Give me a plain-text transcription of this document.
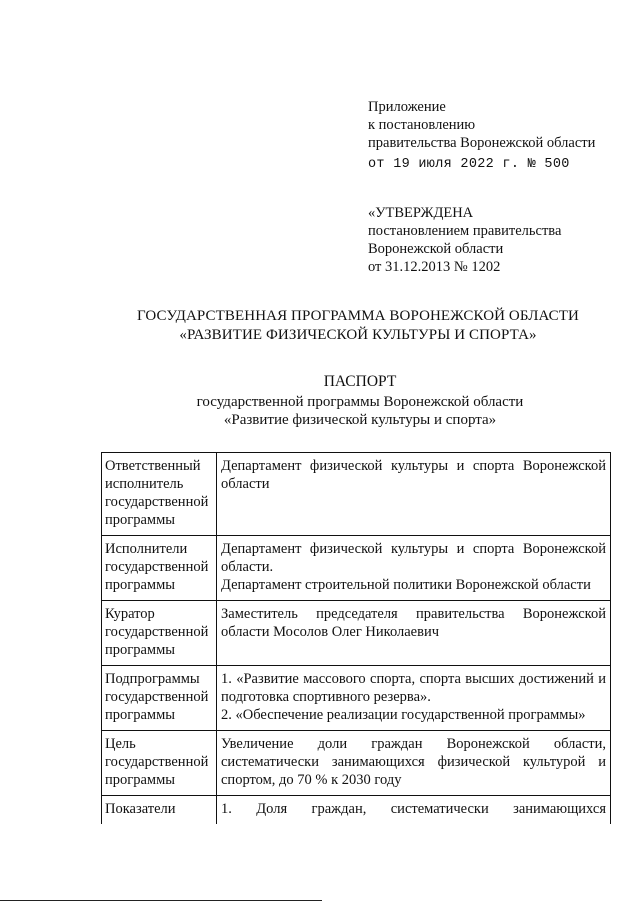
Приложение
к постановлению
правительства Воронежской области
от 19 июля 2022 г. № 500
«УТВЕРЖДЕНА
постановлением правительства
Воронежской области
от 31.12.2013 № 1202
ГОСУДАРСТВЕННАЯ ПРОГРАММА ВОРОНЕЖСКОЙ ОБЛАСТИ
«РАЗВИТИЕ ФИЗИЧЕСКОЙ КУЛЬТУРЫ И СПОРТА»
ПАСПОРТ
государственной программы Воронежской области
«Развитие физической культуры и спорта»
Ответственный исполнитель государственной программы	Департамент физической культуры и спорта Воронежской области

Исполнители государственной программы	Департамент физической культуры и спорта Воронежской области.
Департамент строительной политики Воронежской области

Куратор государственной программы	Заместитель председателя правительства Воронежской области Мосолов Олег Николаевич

Подпрограммы государственной программы	1. «Развитие массового спорта, спорта высших достижений и подготовка спортивного резерва».
2. «Обеспечение реализации государственной программы»

Цель государственной программы	Увеличение доли граждан Воронежской области, систематически занимающихся физической культурой и спортом, до 70 % к 2030 году

Показатели	1. Доля граждан, систематически занимающихся
